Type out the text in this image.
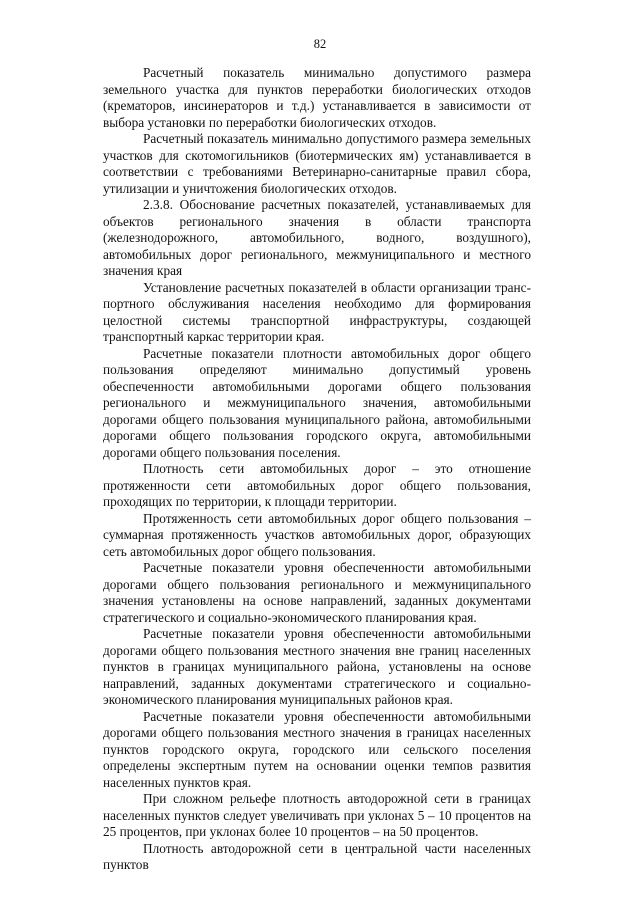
82

Расчетный показатель минимально допустимого размера земельного участка для пунктов переработки биологических отходов (крематоров, инсинераторов и т.д.) устанавливается в зависимости от выбора установки по переработки биологических отходов.

Расчетный показатель минимально допустимого размера земельных участков для скотомогильников (биотермических ям) устанавливается в соответствии с требованиями Ветеринарно-санитарные правил сбора, утилизации и уничтожения биологических отходов.

2.3.8. Обоснование расчетных показателей, устанавливаемых для объектов регионального значения в области транспорта (железнодорожного, автомобильного, водного, воздушного), автомобильных дорог регионального, межмуниципального и местного значения края

Установление расчетных показателей в области организации транспортного обслуживания населения необходимо для формирования целостной системы транспортной инфраструктуры, создающей транспортный каркас территории края.

Расчетные показатели плотности автомобильных дорог общего пользования определяют минимально допустимый уровень обеспеченности автомобильными дорогами общего пользования регионального и межмуниципального значения, автомобильными дорогами общего пользования муниципального района, автомобильными дорогами общего пользования городского округа, автомобильными дорогами общего пользования поселения.

Плотность сети автомобильных дорог – это отношение протяженности сети автомобильных дорог общего пользования, проходящих по территории, к площади территории.

Протяженность сети автомобильных дорог общего пользования – суммарная протяженность участков автомобильных дорог, образующих сеть автомобильных дорог общего пользования.

Расчетные показатели уровня обеспеченности автомобильными дорогами общего пользования регионального и межмуниципального значения установлены на основе направлений, заданных документами стратегического и социально-экономического планирования края.

Расчетные показатели уровня обеспеченности автомобильными дорогами общего пользования местного значения вне границ населенных пунктов в границах муниципального района, установлены на основе направлений, заданных документами стратегического и социально-экономического планирования муниципальных районов края.

Расчетные показатели уровня обеспеченности автомобильными дорогами общего пользования местного значения в границах населенных пунктов городского округа, городского или сельского поселения определены экспертным путем на основании оценки темпов развития населенных пунктов края.

При сложном рельефе плотность автодорожной сети в границах населенных пунктов следует увеличивать при уклонах 5 – 10 процентов на 25 процентов, при уклонах более 10 процентов – на 50 процентов.

Плотность автодорожной сети в центральной части населенных пунктов
